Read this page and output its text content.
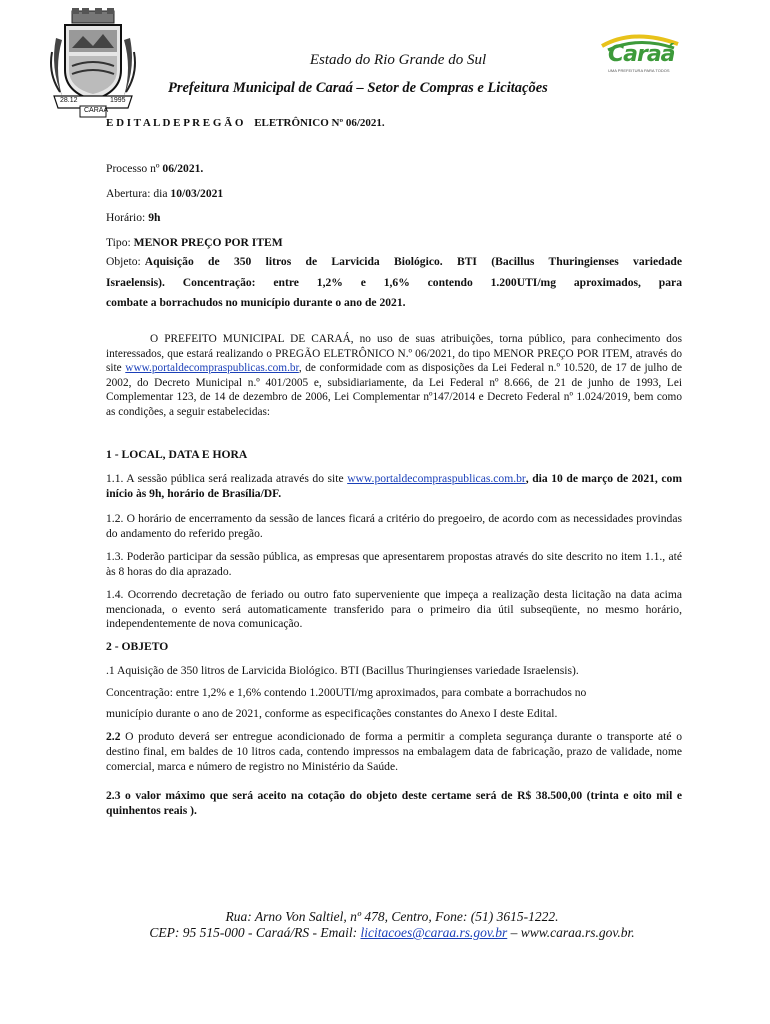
28.12	1995
CARAÁ
Caraá
UMA PREFEITURA PARA TODOS
Estado do Rio Grande do Sul
Prefeitura Municipal de Caraá – Setor de Compras e Licitações
E D I T A L D E P R E G Ã O ELETRÔNICO Nº 06/2021.
Processo nº 06/2021.
Abertura: dia 10/03/2021
Horário: 9h
Tipo: MENOR PREÇO POR ITEM
Objeto: Aquisição de 350 litros de Larvicida Biológico. BTI (Bacillus Thuringienses variedade
Israelensis). Concentração: entre 1,2% e 1,6% contendo 1.200UTI/mg aproximados, para
combate a borrachudos no município durante o ano de 2021.

O PREFEITO MUNICIPAL DE CARAÁ, no uso de suas atribuições, torna público, para conhecimento dos interessados, que estará realizando o PREGÃO ELETRÔNICO N.º 06/2021, do tipo MENOR PREÇO POR ITEM, através do site www.portaldecompraspublicas.com.br, de conformidade com as disposições da Lei Federal n.º 10.520, de 17 de julho de 2002, do Decreto Municipal n.º 401/2005 e, subsidiariamente, da Lei Federal nº 8.666, de 21 de junho de 1993, Lei Complementar 123, de 14 de dezembro de 2006, Lei Complementar nº147/2014 e Decreto Federal nº 1.024/2019, bem como as condições, a seguir estabelecidas:

1 - LOCAL, DATA E HORA

1.1. A sessão pública será realizada através do site www.portaldecompraspublicas.com.br, dia 10 de março de 2021, com início às 9h, horário de Brasília/DF.

1.2. O horário de encerramento da sessão de lances ficará a critério do pregoeiro, de acordo com as necessidades provindas do andamento do referido pregão.

1.3. Poderão participar da sessão pública, as empresas que apresentarem propostas através do site descrito no item 1.1., até às 8 horas do dia aprazado.

1.4. Ocorrendo decretação de feriado ou outro fato superveniente que impeça a realização desta licitação na data acima mencionada, o evento será automaticamente transferido para o primeiro dia útil subseqüente, no mesmo horário, independentemente de nova comunicação.

2 - OBJETO
.1 Aquisição de 350 litros de Larvicida Biológico. BTI (Bacillus Thuringienses variedade Israelensis).
Concentração: entre 1,2% e 1,6% contendo 1.200UTI/mg aproximados, para combate a borrachudos no
município durante o ano de 2021, conforme as especificações constantes do Anexo I deste Edital.

2.2 O produto deverá ser entregue acondicionado de forma a permitir a completa segurança durante o transporte até o destino final, em baldes de 10 litros cada, contendo impressos na embalagem data de fabricação, prazo de validade, nome comercial, marca e número de registro no Ministério da Saúde.

2.3 o valor máximo que será aceito na cotação do objeto deste certame será de R$ 38.500,00 (trinta e oito mil e quinhentos reais ).

Rua: Arno Von Saltiel, nº 478, Centro, Fone: (51) 3615-1222.
CEP: 95 515-000 - Caraá/RS - Email: licitacoes@caraa.rs.gov.br – www.caraa.rs.gov.br.
